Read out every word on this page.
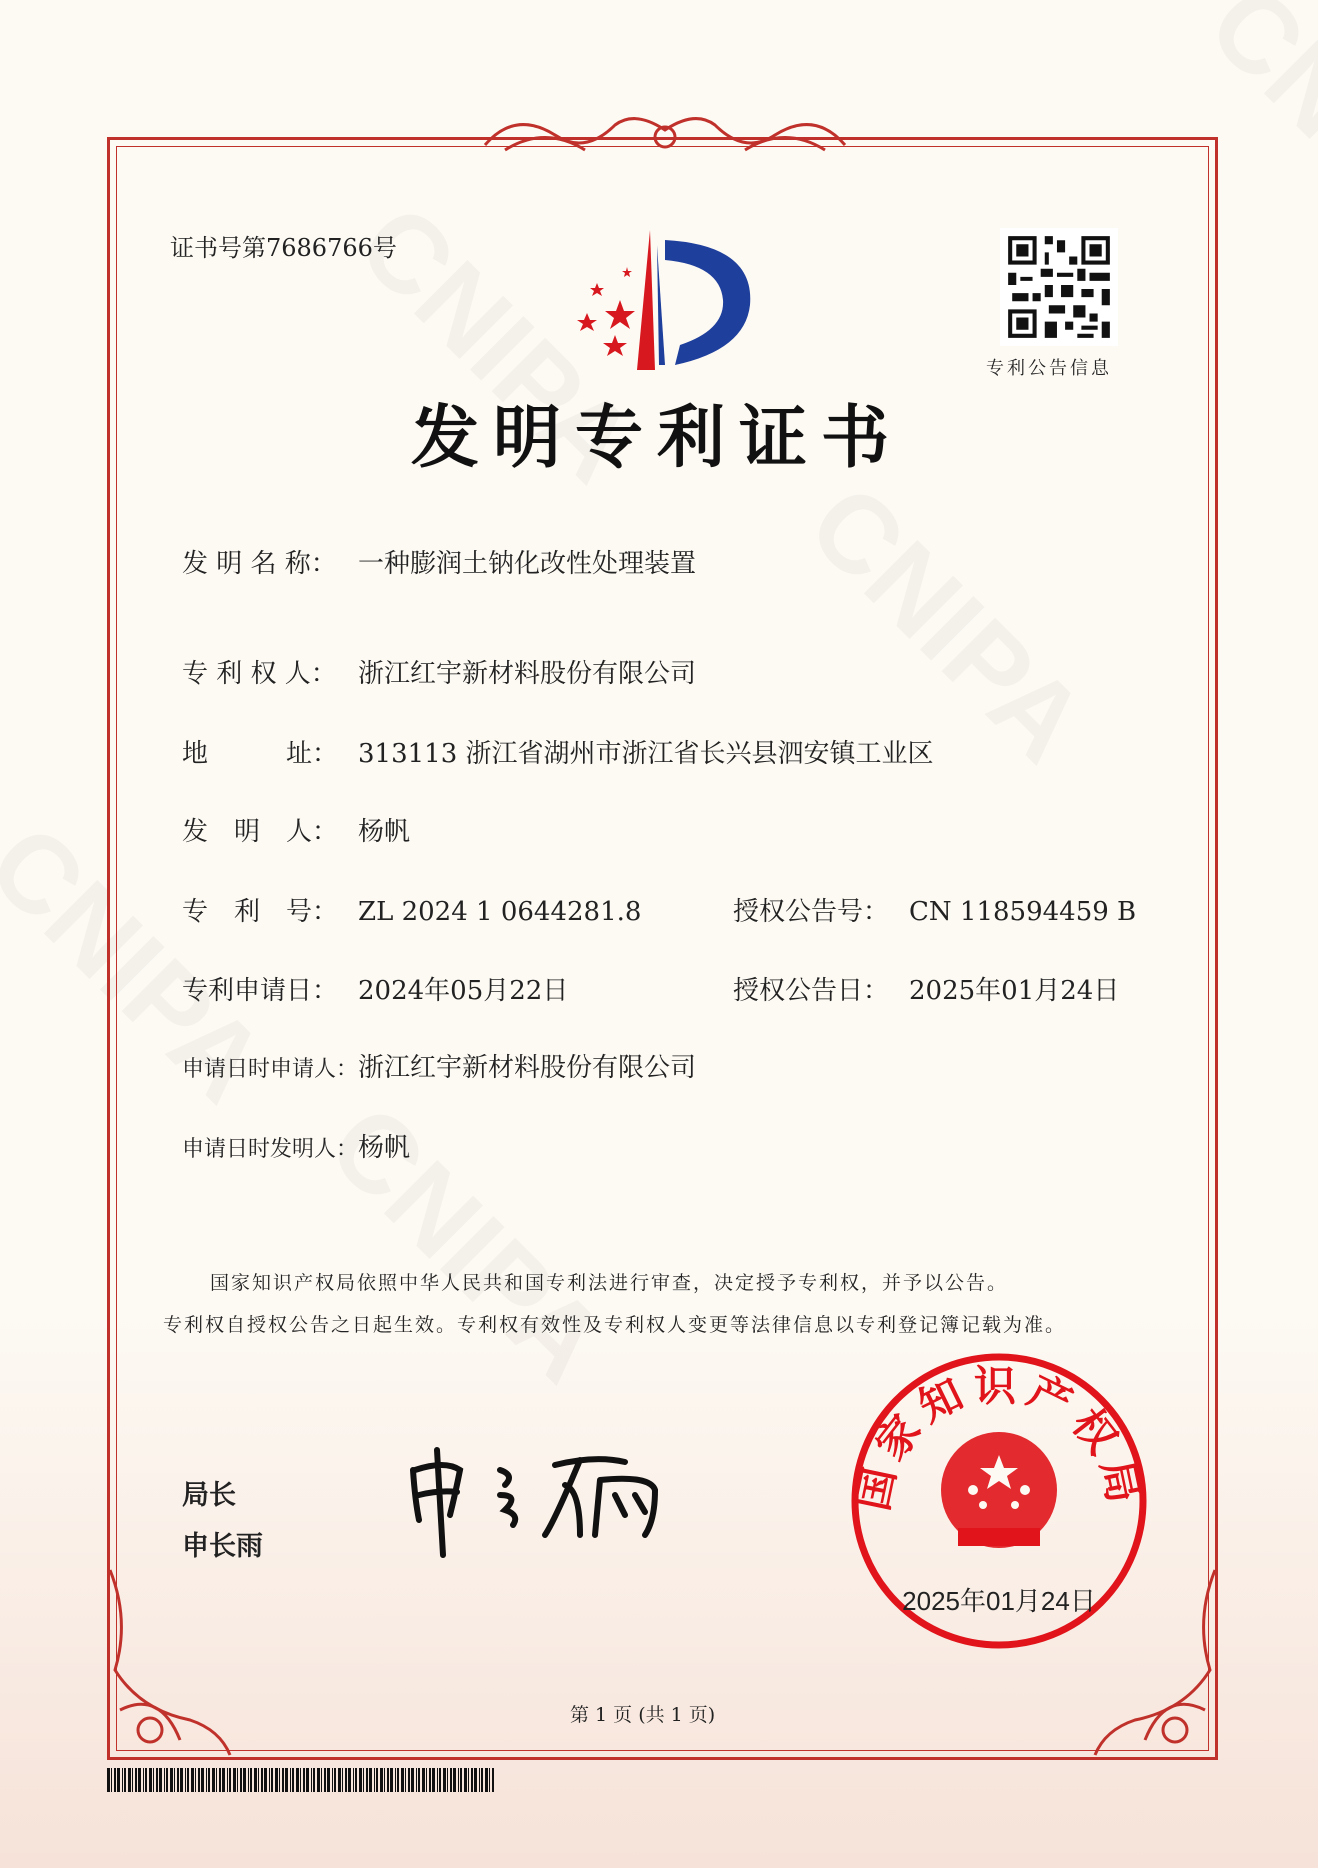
证书号第7686766号
专利公告信息
发明专利证书
发 明 名 称： 一种膨润土钠化改性处理装置
专 利 权 人： 浙江红宇新材料股份有限公司
地　　　址： 313113 浙江省湖州市浙江省长兴县泗安镇工业区
发　明　人： 杨帆
专　利　号： ZL 2024 1 0644281.8
专利申请日： 2024年05月22日
申请日时申请人：浙江红宇新材料股份有限公司
申请日时发明人：杨帆
授权公告号： CN 118594459 B
授权公告日： 2025年01月24日
国家知识产权局依照中华人民共和国专利法进行审查，决定授予专利权，并予以公告。
专利权自授权公告之日起生效。专利权有效性及专利权人变更等法律信息以专利登记簿记载为准。
局长
申长雨
国家知识产权局
2025年01月24日
第 1 页 (共 1 页)
